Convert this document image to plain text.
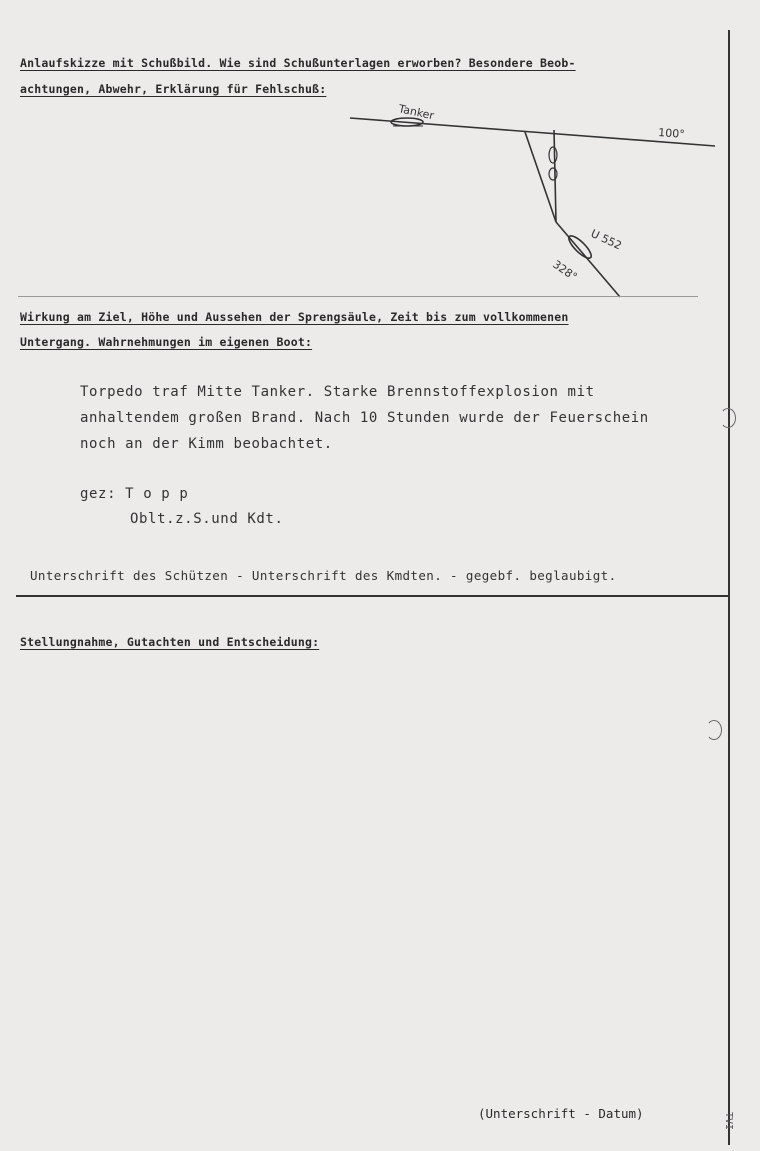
Anlaufskizze mit Schußbild. Wie sind Schußunterlagen erworben? Besondere Beob-
achtungen, Abwehr, Erklärung für Fehlschuß:
Tanker
100°
U 552
328°
Wirkung am Ziel, Höhe und Aussehen der Sprengsäule, Zeit bis zum vollkommenen
Untergang. Wahrnehmungen im eigenen Boot:
Torpedo traf Mitte Tanker. Starke Brennstoffexplosion mit
anhaltendem großen Brand. Nach 10 Stunden wurde der Feuerschein
noch an der Kimm beobachtet.
gez: T o p p
Oblt.z.S.und Kdt.
Unterschrift des Schützen - Unterschrift des Kmdten. - gegebf. beglaubigt.
Stellungnahme, Gutachten und Entscheidung:
(Unterschrift - Datum)	TVI
